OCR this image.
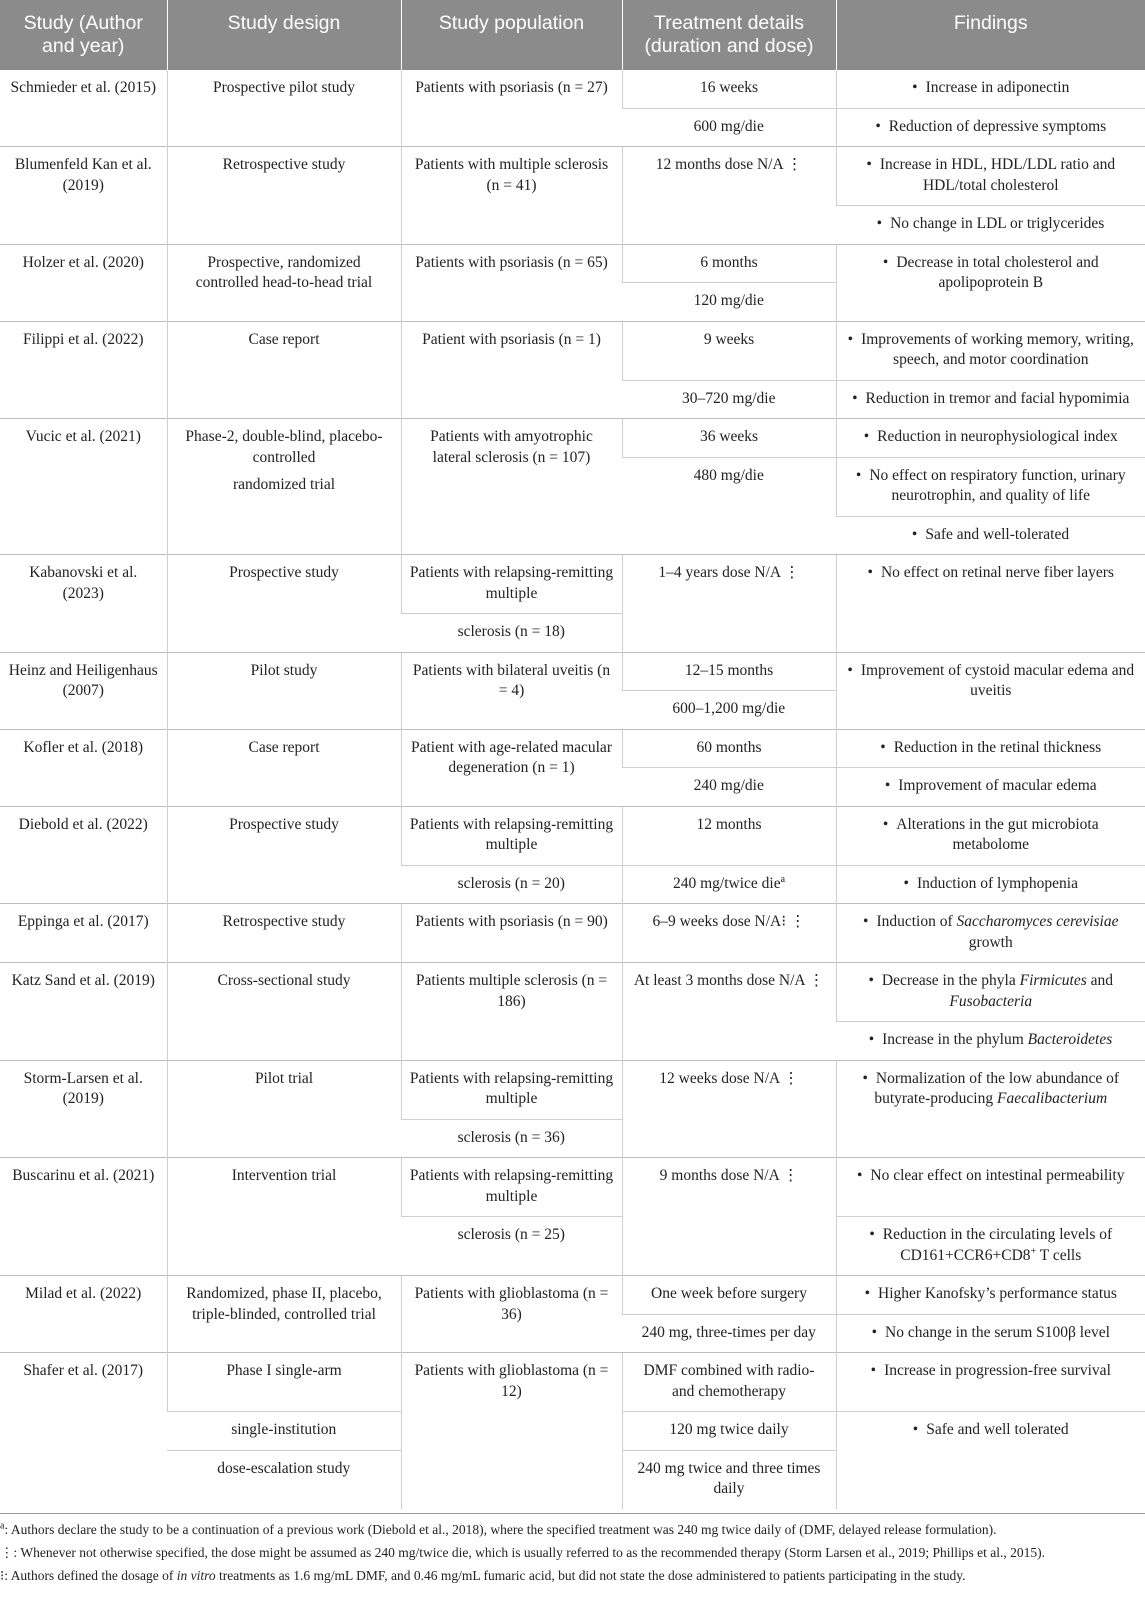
Study (Author and year)	Study design	Study population	Treatment details (duration and dose)	Findings
Schmieder et al. (2015)	Prospective pilot study	Patients with psoriasis (n = 27)	16 weeks	• Increase in adiponectin
			600 mg/die	• Reduction of depressive symptoms
Blumenfeld Kan et al. (2019)	Retrospective study	Patients with multiple sclerosis (n = 41)	12 months dose N/A ⋮	• Increase in HDL, HDL/LDL ratio and HDL/total cholesterol
				• No change in LDL or triglycerides
Holzer et al. (2020)	Prospective, randomized controlled head-to-head trial	Patients with psoriasis (n = 65)	6 months	• Decrease in total cholesterol and apolipoprotein B
			120 mg/die	
Filippi et al. (2022)	Case report	Patient with psoriasis (n = 1)	9 weeks	• Improvements of working memory, writing, speech, and motor coordination
			30–720 mg/die	• Reduction in tremor and facial hypomimia
Vucic et al. (2021)	Phase-2, double-blind, placebo-controlled
randomized trial	Patients with amyotrophic lateral sclerosis (n = 107)	36 weeks	• Reduction in neurophysiological index
			480 mg/die	• No effect on respiratory function, urinary neurotrophin, and quality of life
				• Safe and well-tolerated
Kabanovski et al. (2023)	Prospective study	Patients with relapsing-remitting multiple	1–4 years dose N/A ⋮	• No effect on retinal nerve fiber layers
		sclerosis (n = 18)		
Heinz and Heiligenhaus (2007)	Pilot study	Patients with bilateral uveitis (n = 4)	12–15 months	• Improvement of cystoid macular edema and uveitis
			600–1,200 mg/die	
Kofler et al. (2018)	Case report	Patient with age-related macular degeneration (n = 1)	60 months	• Reduction in the retinal thickness
			240 mg/die	• Improvement of macular edema
Diebold et al. (2022)	Prospective study	Patients with relapsing-remitting multiple	12 months	• Alterations in the gut microbiota metabolome
		sclerosis (n = 20)	240 mg/twice die$^a$	• Induction of lymphopenia
Eppinga et al. (2017)	Retrospective study	Patients with psoriasis (n = 90)	6–9 weeks dose N/A⁝ ⋮	• Induction of Saccharomyces cerevisiae growth
Katz Sand et al. (2019)	Cross-sectional study	Patients multiple sclerosis (n = 186)	At least 3 months dose N/A ⋮	• Decrease in the phyla Firmicutes and Fusobacteria
				• Increase in the phylum Bacteroidetes
Storm-Larsen et al. (2019)	Pilot trial	Patients with relapsing-remitting multiple	12 weeks dose N/A ⋮	• Normalization of the low abundance of butyrate-producing Faecalibacterium
		sclerosis (n = 36)		
Buscarinu et al. (2021)	Intervention trial	Patients with relapsing-remitting multiple	9 months dose N/A ⋮	• No clear effect on intestinal permeability
		sclerosis (n = 25)		• Reduction in the circulating levels of CD161+CCR6+CD8+ T cells
Milad et al. (2022)	Randomized, phase II, placebo, triple-blinded, controlled trial	Patients with glioblastoma (n = 36)	One week before surgery	• Higher Kanofsky’s performance status
			240 mg, three-times per day	• No change in the serum S100β level
Shafer et al. (2017)	Phase I single-arm	Patients with glioblastoma (n = 12)	DMF combined with radio- and chemotherapy	• Increase in progression-free survival
	single-institution		120 mg twice daily	• Safe and well tolerated
	dose-escalation study		240 mg twice and three times daily	

$^a$: Authors declare the study to be a continuation of a previous work (Diebold et al., 2018), where the specified treatment was 240 mg twice daily of (DMF, delayed release formulation).

⋮: Whenever not otherwise specified, the dose might be assumed as 240 mg/twice die, which is usually referred to as the recommended therapy (Storm Larsen et al., 2019; Phillips et al., 2015).

⁝: Authors defined the dosage of in vitro treatments as 1.6 mg/mL DMF, and 0.46 mg/mL fumaric acid, but did not state the dose administered to patients participating in the study.
